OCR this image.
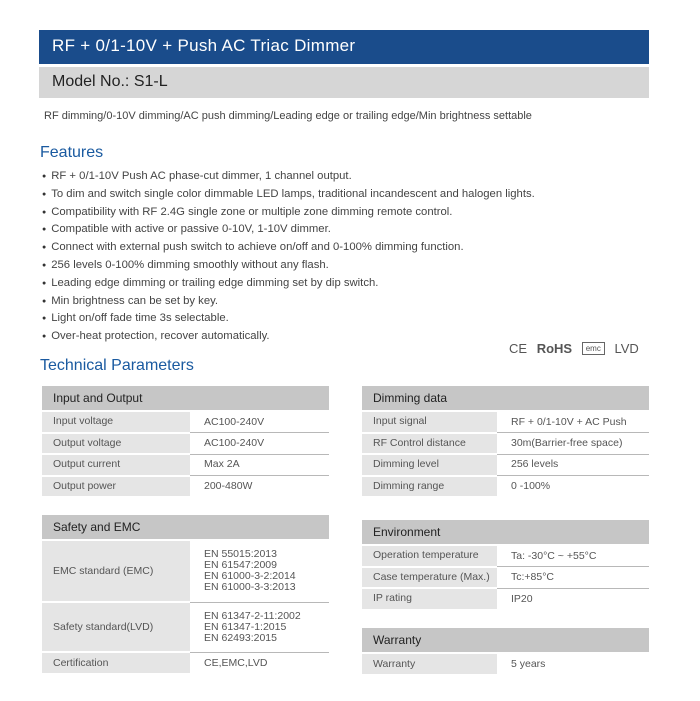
RF + 0/1-10V + Push AC Triac Dimmer
Model No.: S1-L
RF dimming/0-10V dimming/AC push dimming/Leading edge or trailing edge/Min brightness settable
Features
● RF + 0/1-10V Push AC phase-cut dimmer, 1 channel output.
● To dim and switch single color dimmable LED lamps, traditional incandescent and halogen lights.
● Compatibility with RF 2.4G single zone or multiple zone dimming remote control.
● Compatible with active or passive 0-10V, 1-10V dimmer.
● Connect with external push switch to achieve on/off and 0-100% dimming function.
● 256 levels 0-100% dimming smoothly without any flash.
● Leading edge dimming or trailing edge dimming set by dip switch.
● Min brightness can be set by key.
● Light on/off fade time 3s selectable.
● Over-heat protection, recover automatically.
CE RoHS emc LVD
Technical Parameters
Input and Output	
Input voltage	AC100-240V
Output voltage	AC100-240V
Output current	Max 2A
Output power	200-480W
Dimming data	
Input signal	RF + 0/1-10V + AC Push
RF Control distance	30m(Barrier-free space)
Dimming level	256 levels
Dimming range	0 -100%
Safety and EMC	
EMC standard (EMC)	EN 55015:2013
EN 61547:2009
EN 61000-3-2:2014
EN 61000-3-3:2013

Safety standard(LVD)	EN 61347-2-11:2002
EN 61347-1:2015
EN 62493:2015

Certification	CE,EMC,LVD
Environment	
Operation temperature	Ta: -30°C ~ +55°C
Case temperature (Max.)	Tc:+85°C
IP rating	IP20
Warranty
Warranty	5 years
